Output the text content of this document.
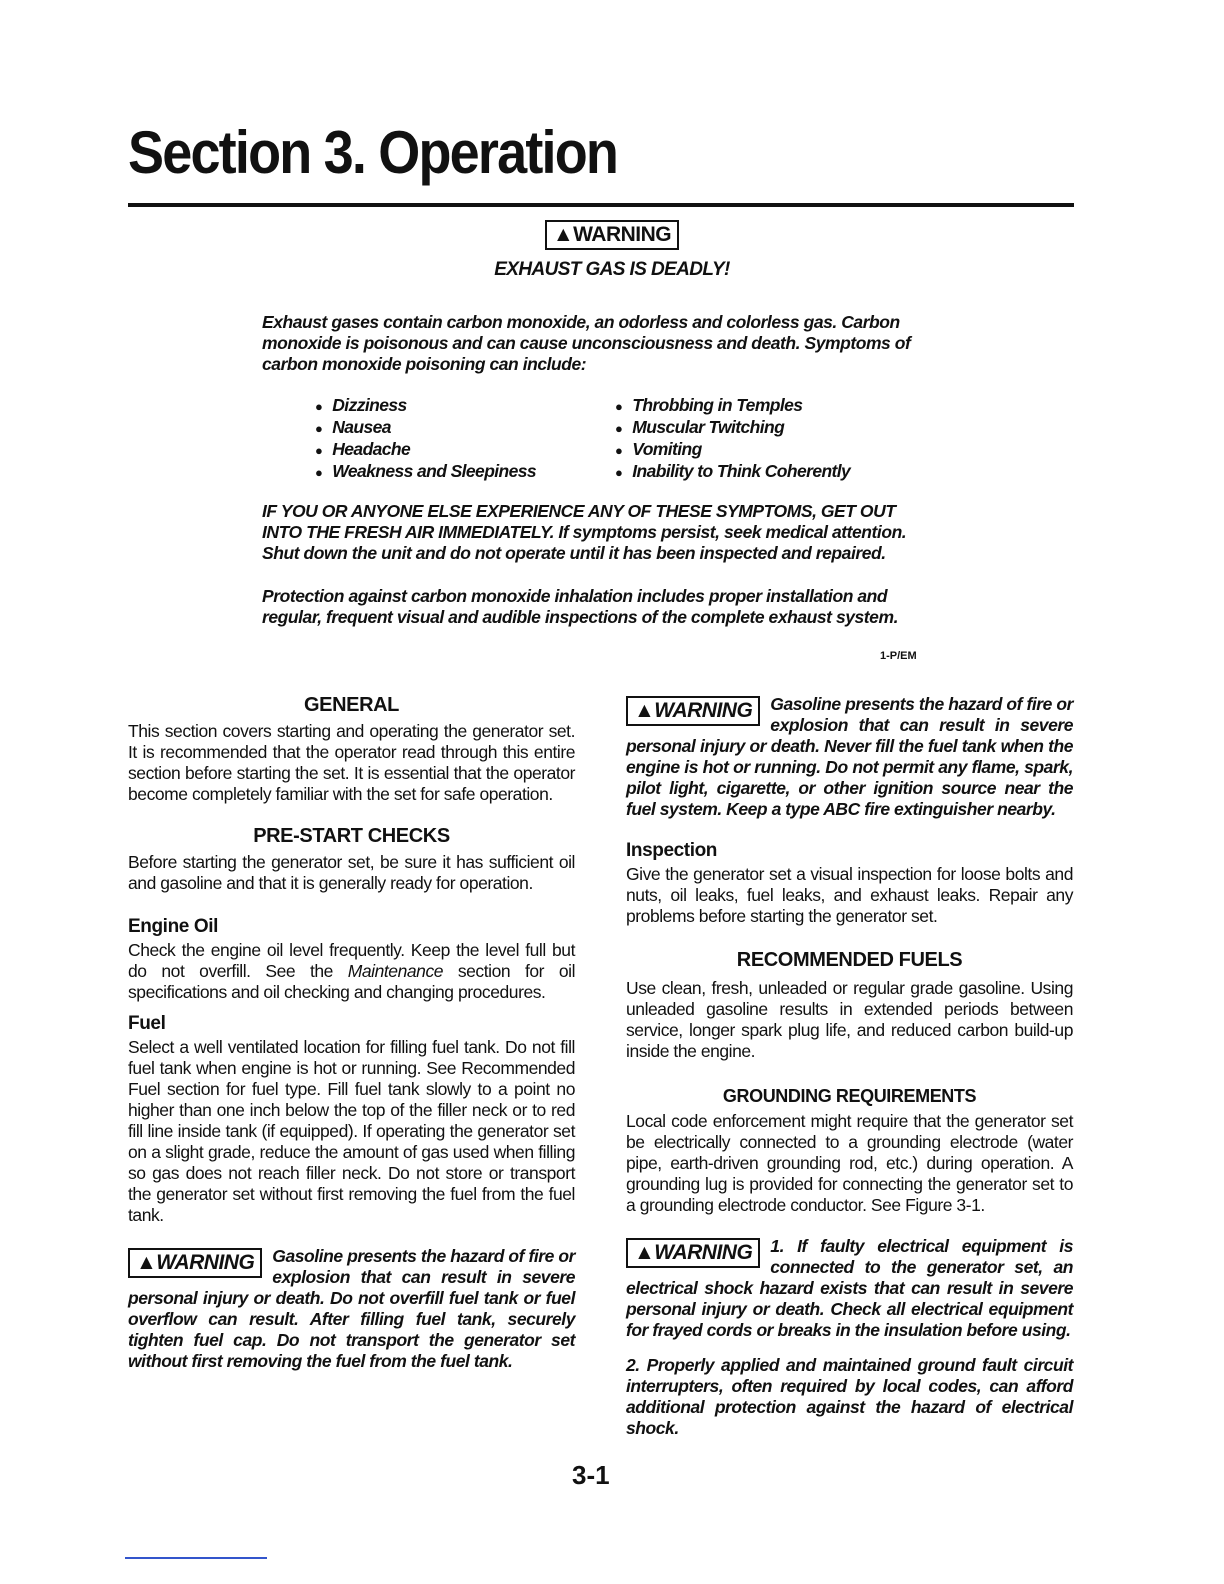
Section 3. Operation
▲WARNING
EXHAUST GAS IS DEADLY!
Exhaust gases contain carbon monoxide, an odorless and colorless gas. Carbon monoxide is poisonous and can cause unconsciousness and death. Symptoms of carbon monoxide poisoning can include:
● Dizziness
● Nausea
● Headache
● Weakness and Sleepiness
● Throbbing in Temples
● Muscular Twitching
● Vomiting
● Inability to Think Coherently
IF YOU OR ANYONE ELSE EXPERIENCE ANY OF THESE SYMPTOMS, GET OUT INTO THE FRESH AIR IMMEDIATELY. If symptoms persist, seek medical attention. Shut down the unit and do not operate until it has been inspected and repaired.
Protection against carbon monoxide inhalation includes proper installation and regular, frequent visual and audible inspections of the complete exhaust system.
1-P/EM
GENERAL

This section covers starting and operating the generator set. It is recommended that the operator read through this entire section before starting the set. It is essential that the operator become completely familiar with the set for safe operation.

PRE-START CHECKS

Before starting the generator set, be sure it has sufficient oil and gasoline and that it is generally ready for operation.

Engine Oil

Check the engine oil level frequently. Keep the level full but do not overfill. See the Maintenance section for oil specifications and oil checking and changing procedures.

Fuel

Select a well ventilated location for filling fuel tank. Do not fill fuel tank when engine is hot or running. See Recommended Fuel section for fuel type. Fill fuel tank slowly to a point no higher than one inch below the top of the filler neck or to red fill line inside tank (if equipped). If operating the generator set on a slight grade, reduce the amount of gas used when filling so gas does not reach filler neck. Do not store or transport the generator set without first removing the fuel from the fuel tank.

▲WARNING	Gasoline presents the hazard of fire or explosion that can result in severe personal injury or death. Do not overfill fuel tank or fuel overflow can result. After filling fuel tank, securely tighten fuel cap. Do not transport the generator set without first removing the fuel from the fuel tank.
▲WARNING	Gasoline presents the hazard of fire or explosion that can result in severe personal injury or death. Never fill the fuel tank when the engine is hot or running. Do not permit any flame, spark, pilot light, cigarette, or other ignition source near the fuel system. Keep a type ABC fire extinguisher nearby.
Inspection

Give the generator set a visual inspection for loose bolts and nuts, oil leaks, fuel leaks, and exhaust leaks. Repair any problems before starting the generator set.

RECOMMENDED FUELS

Use clean, fresh, unleaded or regular grade gasoline. Using unleaded gasoline results in extended periods between service, longer spark plug life, and reduced carbon build-up inside the engine.

GROUNDING REQUIREMENTS

Local code enforcement might require that the generator set be electrically connected to a grounding electrode (water pipe, earth-driven grounding rod, etc.) during operation. A grounding lug is provided for connecting the generator set to a grounding electrode conductor. See Figure 3-1.

▲WARNING	1. If faulty electrical equipment is connected to the generator set, an electrical shock hazard exists that can result in severe personal injury or death. Check all electrical equipment for frayed cords or breaks in the insulation before using.

2. Properly applied and maintained ground fault circuit interrupters, often required by local codes, can afford additional protection against the hazard of electrical shock.

3-1
